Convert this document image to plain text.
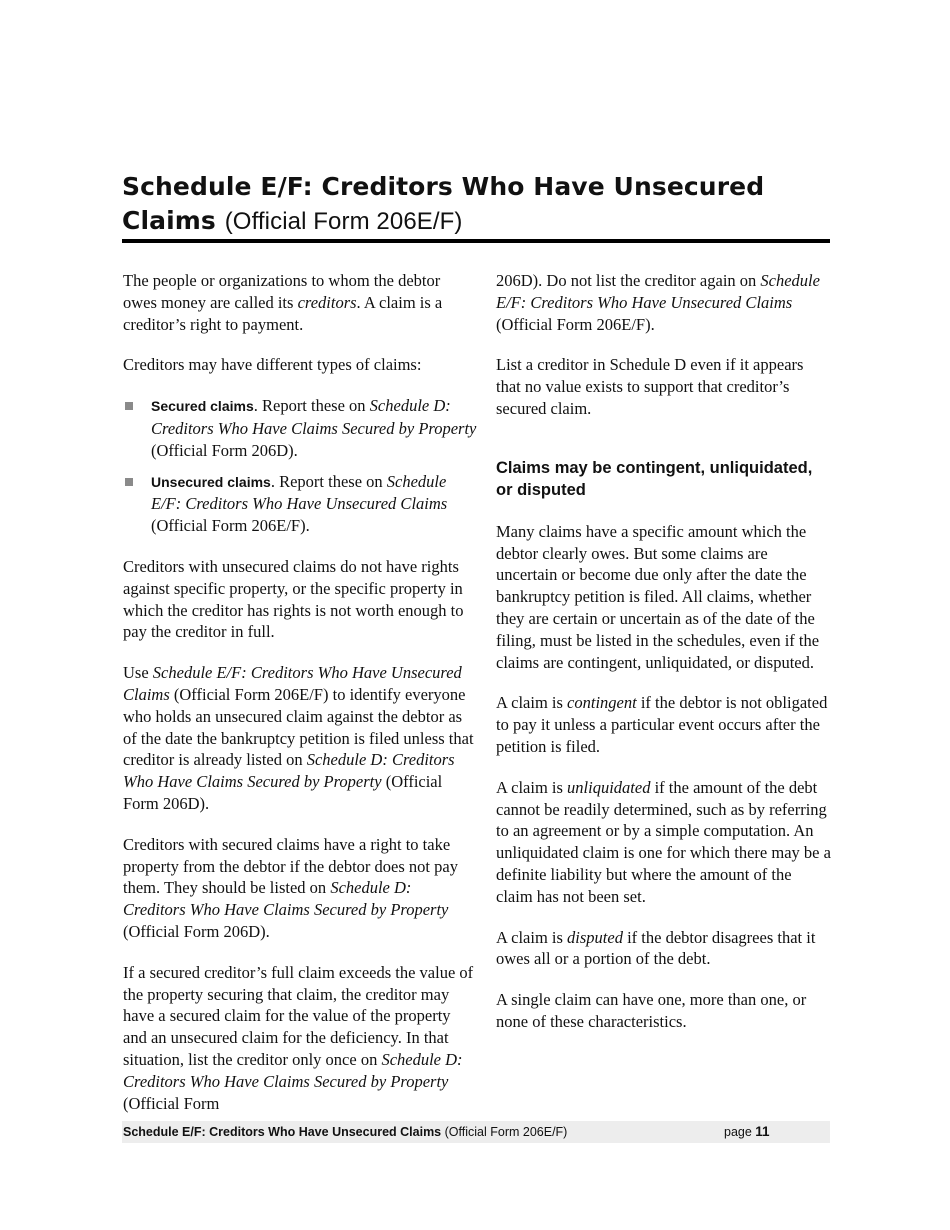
Schedule E/F: Creditors Who Have Unsecured Claims (Official Form 206E/F)

The people or organizations to whom the debtor owes money are called its creditors. A claim is a creditor’s right to payment.

Creditors may have different types of claims:

Secured claims. Report these on Schedule D: Creditors Who Have Claims Secured by Property (Official Form 206D).
Unsecured claims. Report these on Schedule E/F: Creditors Who Have Unsecured Claims (Official Form 206E/F).

Creditors with unsecured claims do not have rights against specific property, or the specific property in which the creditor has rights is not worth enough to pay the creditor in full.

Use Schedule E/F: Creditors Who Have Unsecured Claims (Official Form 206E/F) to identify everyone who holds an unsecured claim against the debtor as of the date the bankruptcy petition is filed unless that creditor is already listed on Schedule D: Creditors Who Have Claims Secured by Property (Official Form 206D).

Creditors with secured claims have a right to take property from the debtor if the debtor does not pay them. They should be listed on Schedule D: Creditors Who Have Claims Secured by Property (Official Form 206D).

If a secured creditor’s full claim exceeds the value of the property securing that claim, the creditor may have a secured claim for the value of the property and an unsecured claim for the deficiency. In that situation, list the creditor only once on Schedule D: Creditors Who Have Claims Secured by Property (Official Form

206D). Do not list the creditor again on Schedule E/F: Creditors Who Have Unsecured Claims (Official Form 206E/F).

List a creditor in Schedule D even if it appears that no value exists to support that creditor’s secured claim.

Claims may be contingent, unliquidated, or disputed

Many claims have a specific amount which the debtor clearly owes. But some claims are uncertain or become due only after the date the bankruptcy petition is filed. All claims, whether they are certain or uncertain as of the date of the filing, must be listed in the schedules, even if the claims are contingent, unliquidated, or disputed.

A claim is contingent if the debtor is not obligated to pay it unless a particular event occurs after the petition is filed.

A claim is unliquidated if the amount of the debt cannot be readily determined, such as by referring to an agreement or by a simple computation. An unliquidated claim is one for which there may be a definite liability but where the amount of the claim has not been set.

A claim is disputed if the debtor disagrees that it owes all or a portion of the debt.

A single claim can have one, more than one, or none of these characteristics.

Schedule E/F: Creditors Who Have Unsecured Claims (Official Form 206E/F)	page 11
